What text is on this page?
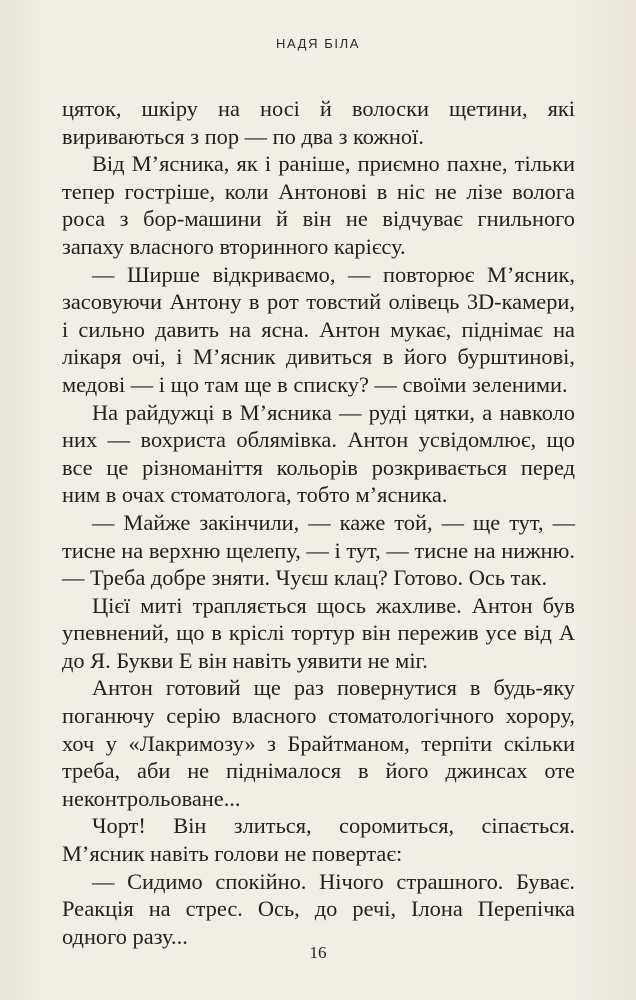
НАДЯ БІЛА

цяток, шкіру на носі й волоски щетини, які вириваються з пор — по два з кожної.

Від М’ясника, як і раніше, приємно пахне, тільки тепер гостріше, коли Антонові в ніс не лізе волога роса з бор-машини й він не відчуває гнильного запаху власного вторинного карієсу.

— Ширше відкриваємо, — повторює М’ясник, засовуючи Антону в рот товстий олівець 3D-камери, і сильно давить на ясна. Антон мукає, піднімає на лікаря очі, і М’ясник дивиться в його бурштинові, медові — і що там ще в списку? — своїми зеленими.

На райдужці в М’ясника — руді цятки, а навколо них — вохриста облямівка. Антон усвідомлює, що все це різноманіття кольорів розкривається перед ним в очах стоматолога, тобто м’ясника.

— Майже закінчили, — каже той, — ще тут, — тисне на верхню щелепу, — і тут, — тисне на нижню. — Треба добре зняти. Чуєш клац? Готово. Ось так.

Цієї миті трапляється щось жахливе. Антон був упевнений, що в кріслі тортур він пережив усе від А до Я. Букви Е він навіть уявити не міг.

Антон готовий ще раз повернутися в будь-яку поганючу серію власного стоматологічного хорору, хоч у «Лакримозу» з Брайтманом, терпіти скільки треба, аби не піднімалося в його джинсах оте неконтрольоване...

Чорт! Він злиться, соромиться, сіпається. М’ясник навіть голови не повертає:

— Сидимо спокійно. Нічого страшного. Буває. Реакція на стрес. Ось, до речі, Ілона Перепічка одного разу...

16
